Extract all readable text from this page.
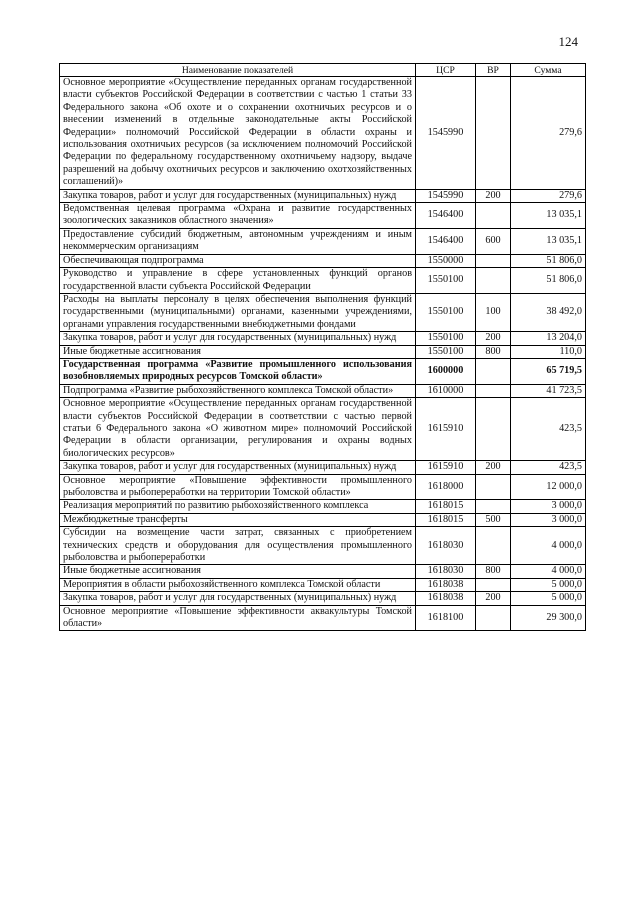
124
Наименование показателей	ЦСР	ВР	Сумма
Основное мероприятие «Осуществление переданных органам государственной власти субъектов Российской Федерации в соответствии с частью 1 статьи 33 Федерального закона «Об охоте и о сохранении охотничьих ресурсов и о внесении изменений в отдельные законодательные акты Российской Федерации» полномочий Российской Федерации в области охраны и использования охотничьих ресурсов (за исключением полномочий Российской Федерации по федеральному государственному охотничьему надзору, выдаче разрешений на добычу охотничьих ресурсов и заключению охотхозяйственных соглашений)»	1545990		279,6
Закупка товаров, работ и услуг для государственных (муниципальных) нужд	1545990	200	279,6
Ведомственная целевая программа «Охрана и развитие государственных зоологических заказников областного значения»	1546400		13 035,1
Предоставление субсидий бюджетным, автономным учреждениям и иным некоммерческим организациям	1546400	600	13 035,1
Обеспечивающая подпрограмма	1550000		51 806,0
Руководство и управление в сфере установленных функций органов государственной власти субъекта Российской Федерации	1550100		51 806,0
Расходы на выплаты персоналу в целях обеспечения выполнения функций государственными (муниципальными) органами, казенными учреждениями, органами управления государственными внебюджетными фондами	1550100	100	38 492,0
Закупка товаров, работ и услуг для государственных (муниципальных) нужд	1550100	200	13 204,0
Иные бюджетные ассигнования	1550100	800	110,0
Государственная программа «Развитие промышленного использования возобновляемых природных ресурсов Томской области»	1600000		65 719,5
Подпрограмма «Развитие рыбохозяйственного комплекса Томской области»	1610000		41 723,5
Основное мероприятие «Осуществление переданных органам государственной власти субъектов Российской Федерации в соответствии с частью первой статьи 6 Федерального закона «О животном мире» полномочий Российской Федерации в области организации, регулирования и охраны водных биологических ресурсов»	1615910		423,5
Закупка товаров, работ и услуг для государственных (муниципальных) нужд	1615910	200	423,5
Основное мероприятие «Повышение эффективности промышленного рыболовства и рыбопереработки на территории Томской области»	1618000		12 000,0
Реализация мероприятий по развитию рыбохозяйственного комплекса	1618015		3 000,0
Межбюджетные трансферты	1618015	500	3 000,0
Субсидии на возмещение части затрат, связанных с приобретением технических средств и оборудования для осуществления промышленного рыболовства и рыбопереработки	1618030		4 000,0
Иные бюджетные ассигнования	1618030	800	4 000,0
Мероприятия в области рыбохозяйственного комплекса Томской области	1618038		5 000,0
Закупка товаров, работ и услуг для государственных (муниципальных) нужд	1618038	200	5 000,0
Основное мероприятие «Повышение эффективности аквакультуры Томской области»	1618100		29 300,0
